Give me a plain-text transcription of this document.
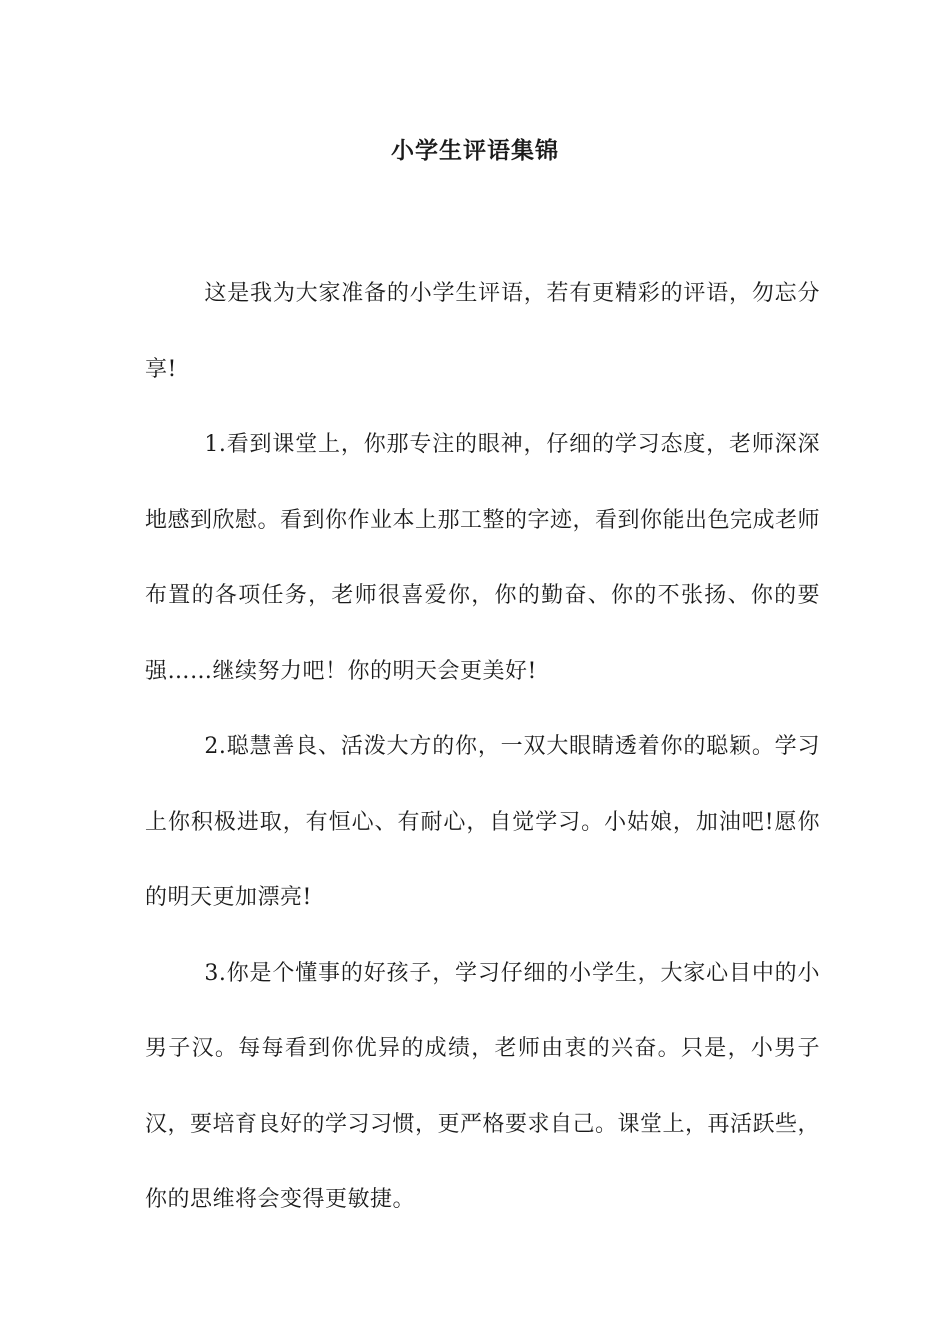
小学生评语集锦

这是我为大家准备的小学生评语，若有更精彩的评语，勿忘分享!

1.看到课堂上，你那专注的眼神，仔细的学习态度，老师深深地感到欣慰。看到你作业本上那工整的字迹，看到你能出色完成老师布置的各项任务，老师很喜爱你，你的勤奋、你的不张扬、你的要强……继续努力吧！你的明天会更美好!

2.聪慧善良、活泼大方的你，一双大眼睛透着你的聪颖。学习上你积极进取，有恒心、有耐心，自觉学习。小姑娘，加油吧!愿你的明天更加漂亮!

3.你是个懂事的好孩子，学习仔细的小学生，大家心目中的小男子汉。每每看到你优异的成绩，老师由衷的兴奋。只是，小男子汉，要培育良好的学习习惯，更严格要求自己。课堂上，再活跃些，你的思维将会变得更敏捷。
